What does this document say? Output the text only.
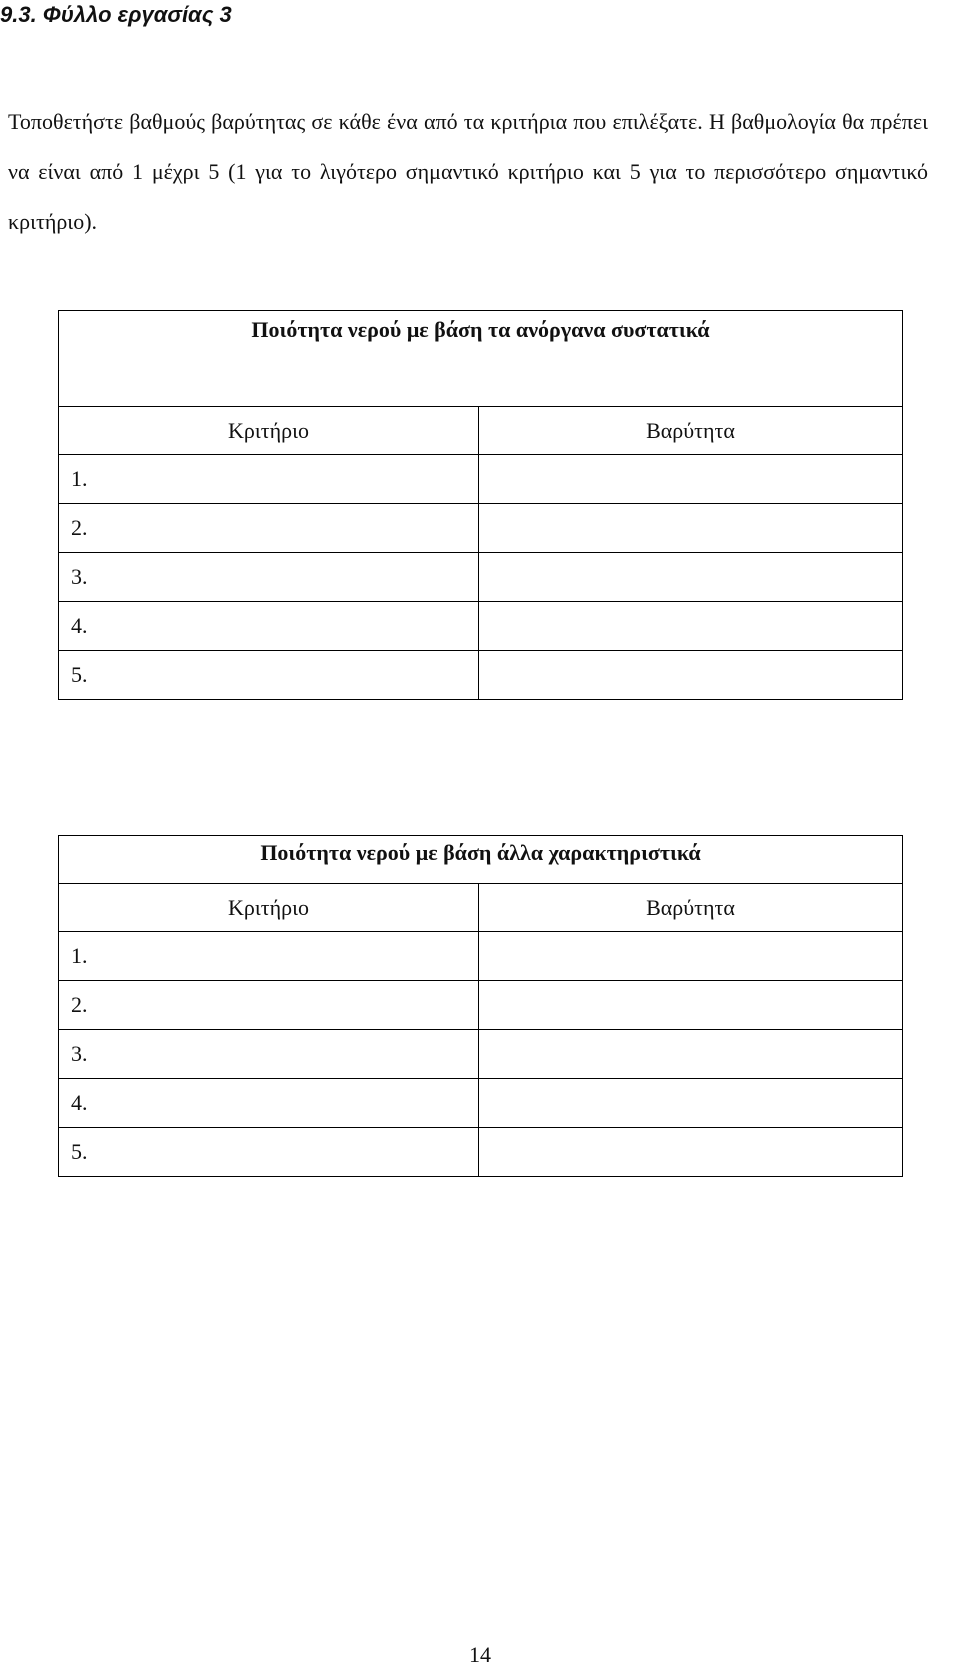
9.3. Φύλλο εργασίας 3

Τοποθετήστε βαθμούς βαρύτητας σε κάθε ένα από τα κριτήρια που επιλέξατε. Η βαθμολογία θα πρέπει να είναι από 1 μέχρι 5 (1 για το λιγότερο σημαντικό κριτήριο και 5 για το περισσότερο σημαντικό κριτήριο).

Ποιότητα νερού με βάση τα ανόργανα συστατικά	
Κριτήριο	Βαρύτητα
1.	
2.	
3.	
4.	
5.	
Ποιότητα νερού με βάση άλλα χαρακτηριστικά	
Κριτήριο	Βαρύτητα
1.	
2.	
3.	
4.	
5.	
14
